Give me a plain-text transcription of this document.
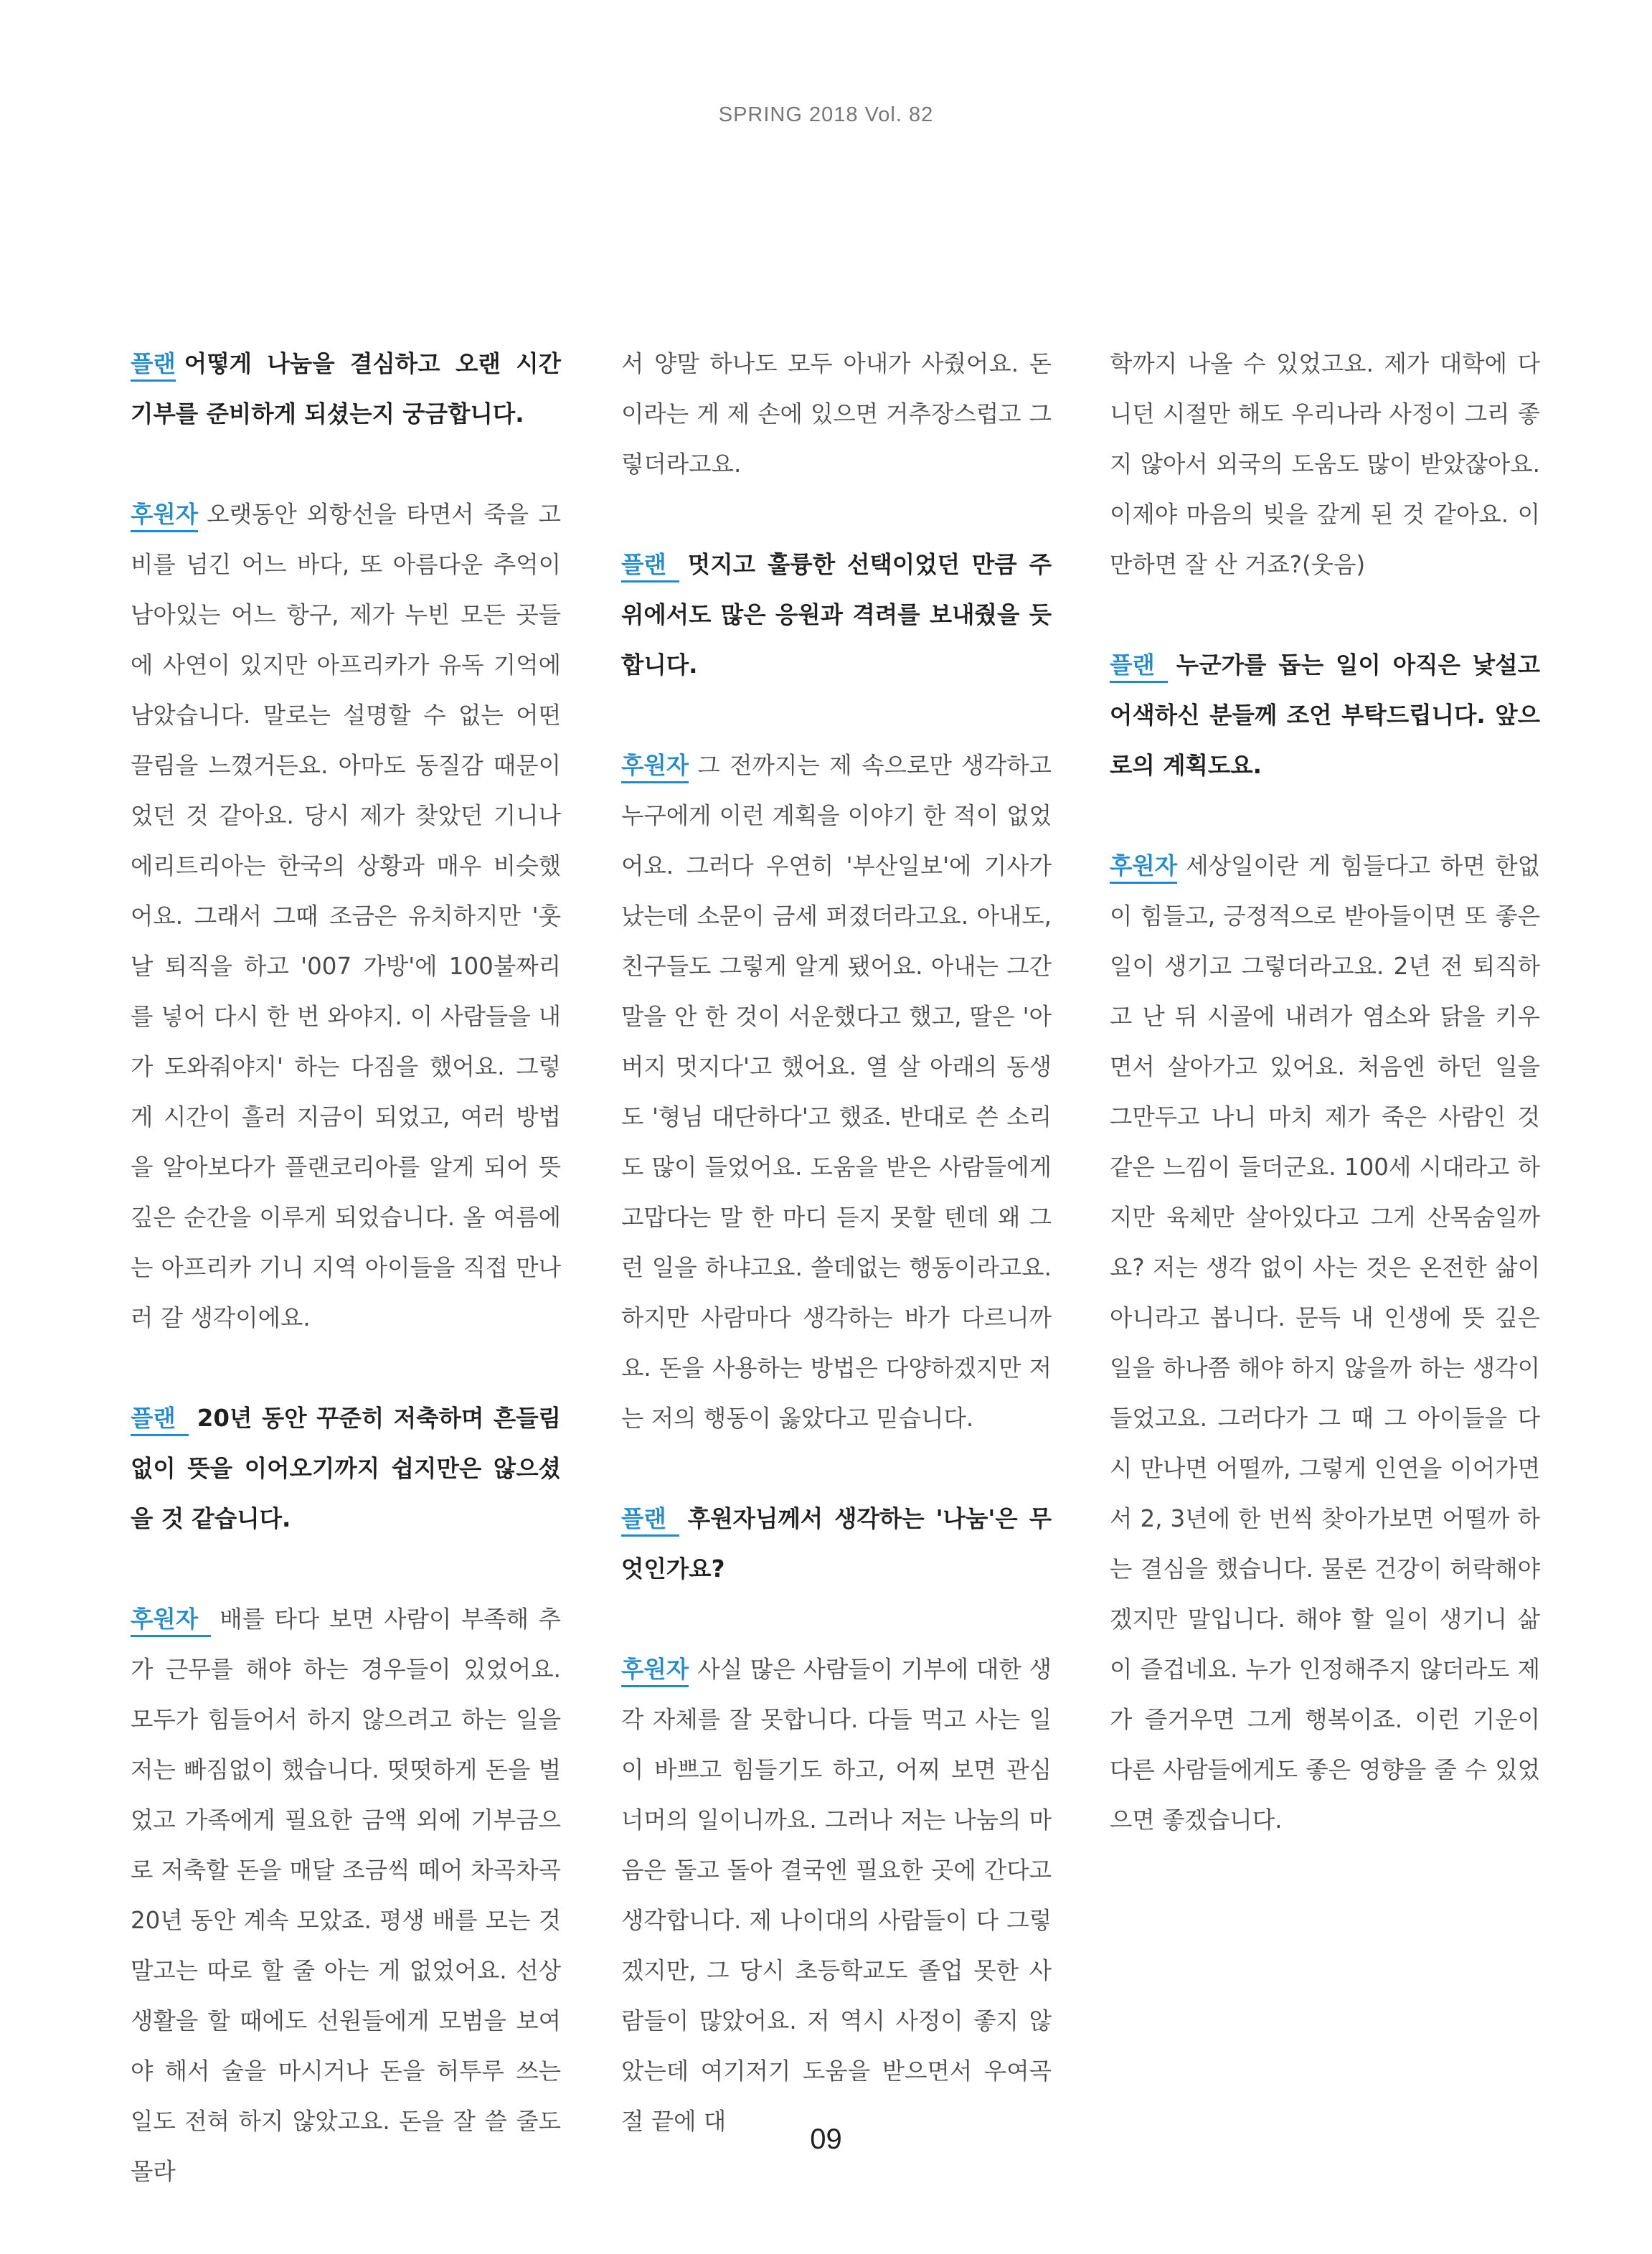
SPRING 2018 Vol. 82

플랜 어떻게 나눔을 결심하고 오랜 시간 기부를 준비하게 되셨는지 궁금합니다.

후원자 오랫동안 외항선을 타면서 죽을 고비를 넘긴 어느 바다, 또 아름다운 추억이 남아있는 어느 항구, 제가 누빈 모든 곳들에 사연이 있지만 아프리카가 유독 기억에 남았습니다. 말로는 설명할 수 없는 어떤 끌림을 느꼈거든요. 아마도 동질감 때문이었던 것 같아요. 당시 제가 찾았던 기니나 에리트리아는 한국의 상황과 매우 비슷했어요. 그래서 그때 조금은 유치하지만 '훗날 퇴직을 하고 '007 가방'에 100불짜리를 넣어 다시 한 번 와야지. 이 사람들을 내가 도와줘야지' 하는 다짐을 했어요. 그렇게 시간이 흘러 지금이 되었고, 여러 방법을 알아보다가 플랜코리아를 알게 되어 뜻 깊은 순간을 이루게 되었습니다. 올 여름에는 아프리카 기니 지역 아이들을 직접 만나러 갈 생각이에요.

플랜 20년 동안 꾸준히 저축하며 흔들림 없이 뜻을 이어오기까지 쉽지만은 않으셨을 것 같습니다.

후원자 배를 타다 보면 사람이 부족해 추가 근무를 해야 하는 경우들이 있었어요. 모두가 힘들어서 하지 않으려고 하는 일을 저는 빠짐없이 했습니다. 떳떳하게 돈을 벌었고 가족에게 필요한 금액 외에 기부금으로 저축할 돈을 매달 조금씩 떼어 차곡차곡 20년 동안 계속 모았죠. 평생 배를 모는 것 말고는 따로 할 줄 아는 게 없었어요. 선상 생활을 할 때에도 선원들에게 모범을 보여야 해서 술을 마시거나 돈을 허투루 쓰는 일도 전혀 하지 않았고요. 돈을 잘 쓸 줄도 몰라

서 양말 하나도 모두 아내가 사줬어요. 돈이라는 게 제 손에 있으면 거추장스럽고 그렇더라고요.

플랜 멋지고 훌륭한 선택이었던 만큼 주위에서도 많은 응원과 격려를 보내줬을 듯 합니다.

후원자 그 전까지는 제 속으로만 생각하고 누구에게 이런 계획을 이야기 한 적이 없었어요. 그러다 우연히 '부산일보'에 기사가 났는데 소문이 금세 퍼졌더라고요. 아내도, 친구들도 그렇게 알게 됐어요. 아내는 그간 말을 안 한 것이 서운했다고 했고, 딸은 '아버지 멋지다'고 했어요. 열 살 아래의 동생도 '형님 대단하다'고 했죠. 반대로 쓴 소리도 많이 들었어요. 도움을 받은 사람들에게 고맙다는 말 한 마디 듣지 못할 텐데 왜 그런 일을 하냐고요. 쓸데없는 행동이라고요. 하지만 사람마다 생각하는 바가 다르니까요. 돈을 사용하는 방법은 다양하겠지만 저는 저의 행동이 옳았다고 믿습니다.

플랜 후원자님께서 생각하는 '나눔'은 무엇인가요?

후원자 사실 많은 사람들이 기부에 대한 생각 자체를 잘 못합니다. 다들 먹고 사는 일이 바쁘고 힘들기도 하고, 어찌 보면 관심 너머의 일이니까요. 그러나 저는 나눔의 마음은 돌고 돌아 결국엔 필요한 곳에 간다고 생각합니다. 제 나이대의 사람들이 다 그렇겠지만, 그 당시 초등학교도 졸업 못한 사람들이 많았어요. 저 역시 사정이 좋지 않았는데 여기저기 도움을 받으면서 우여곡절 끝에 대

학까지 나올 수 있었고요. 제가 대학에 다니던 시절만 해도 우리나라 사정이 그리 좋지 않아서 외국의 도움도 많이 받았잖아요. 이제야 마음의 빚을 갚게 된 것 같아요. 이만하면 잘 산 거죠?(웃음)

플랜 누군가를 돕는 일이 아직은 낯설고 어색하신 분들께 조언 부탁드립니다. 앞으로의 계획도요.

후원자 세상일이란 게 힘들다고 하면 한없이 힘들고, 긍정적으로 받아들이면 또 좋은 일이 생기고 그렇더라고요. 2년 전 퇴직하고 난 뒤 시골에 내려가 염소와 닭을 키우면서 살아가고 있어요. 처음엔 하던 일을 그만두고 나니 마치 제가 죽은 사람인 것 같은 느낌이 들더군요. 100세 시대라고 하지만 육체만 살아있다고 그게 산목숨일까요? 저는 생각 없이 사는 것은 온전한 삶이 아니라고 봅니다. 문득 내 인생에 뜻 깊은 일을 하나쯤 해야 하지 않을까 하는 생각이 들었고요. 그러다가 그 때 그 아이들을 다시 만나면 어떨까, 그렇게 인연을 이어가면서 2, 3년에 한 번씩 찾아가보면 어떨까 하는 결심을 했습니다. 물론 건강이 허락해야겠지만 말입니다. 해야 할 일이 생기니 삶이 즐겁네요. 누가 인정해주지 않더라도 제가 즐거우면 그게 행복이죠. 이런 기운이 다른 사람들에게도 좋은 영향을 줄 수 있었으면 좋겠습니다.

09
